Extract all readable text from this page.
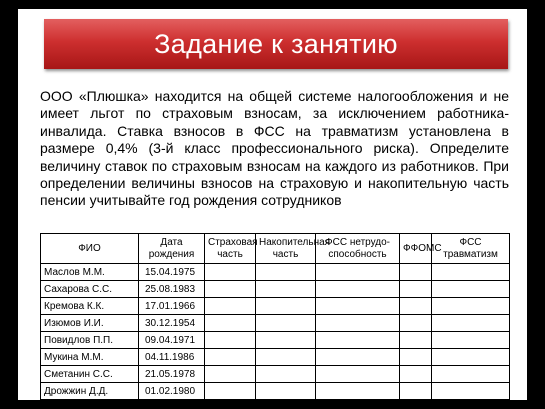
Задание к занятию
ООО «Плюшка» находится на общей системе налогообложения и не имеет льгот по страховым взносам, за исключением работника-инвалида. Ставка взносов в ФСС на травматизм установлена в размере 0,4% (3-й класс профессионального риска). Определите величину ставок по страховым взносам на каждого из работников. При определении величины взносов на страховую и накопительную часть пенсии учитывайте год рождения сотрудников
ФИО	Дата рождения	Страховая часть	Накопительная часть	ФСС нетрудо-способность	ФФОМС	ФСС травматизм
Маслов М.М.	15.04.1975					
Сахарова С.С.	25.08.1983					
Кремова К.К.	17.01.1966					
Изюмов И.И.	30.12.1954					
Повидлов П.П.	09.04.1971					
Мукина М.М.	04.11.1986					
Сметанин С.С.	21.05.1978					
Дрожжин Д.Д.	01.02.1980					
